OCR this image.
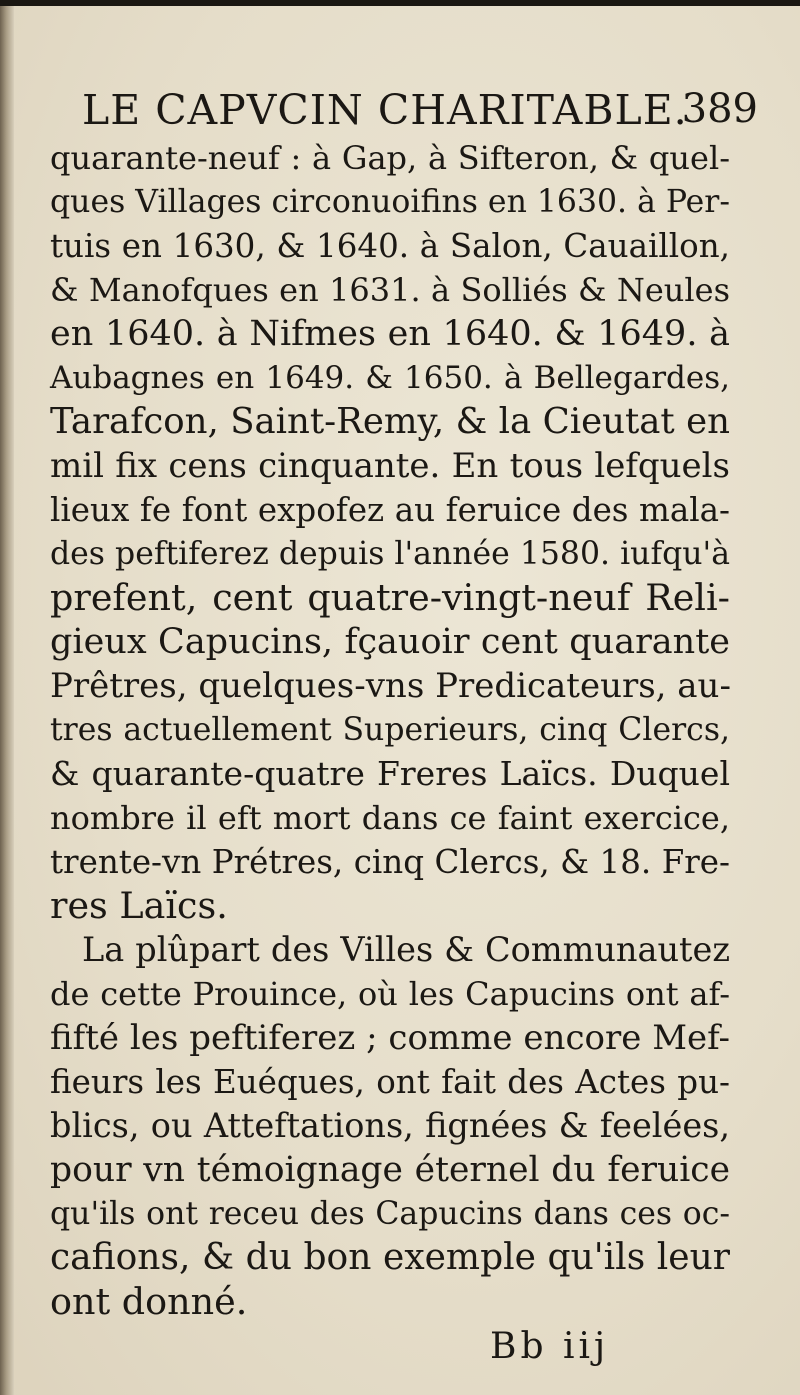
LE CAPVCIN CHARITABLE.
389
quarante-neuf : à Gap, à Sifteron, & quel-
ques Villages circonuoifins en 1630. à Per-
tuis en 1630, & 1640. à Salon, Cauaillon,
& Manofques en 1631. à Solliés & Neules
en 1640. à Nifmes en 1640. & 1649. à
Aubagnes en 1649. & 1650. à Bellegardes,
Tarafcon, Saint-Remy, & la Cieutat en
mil fix cens cinquante. En tous lefquels
lieux fe font expofez au feruice des mala-
des peftiferez depuis l'année 1580. iufqu'à
prefent, cent quatre-vingt-neuf Reli-
gieux Capucins, fçauoir cent quarante
Prêtres, quelques-vns Predicateurs, au-
tres actuellement Superieurs, cinq Clercs,
& quarante-quatre Freres Laïcs. Duquel
nombre il eft mort dans ce faint exercice,
trente-vn Prétres, cinq Clercs, & 18. Fre-
res Laïcs.
La plûpart des Villes & Communautez
de cette Prouince, où les Capucins ont af-
fifté les peftiferez ; comme encore Mef-
fieurs les Euéques, ont fait des Actes pu-
blics, ou Atteftations, fignées & feelées,
pour vn témoignage éternel du feruice
qu'ils ont receu des Capucins dans ces oc-
cafions, & du bon exemple qu'ils leur
ont donné.
Bb iij
